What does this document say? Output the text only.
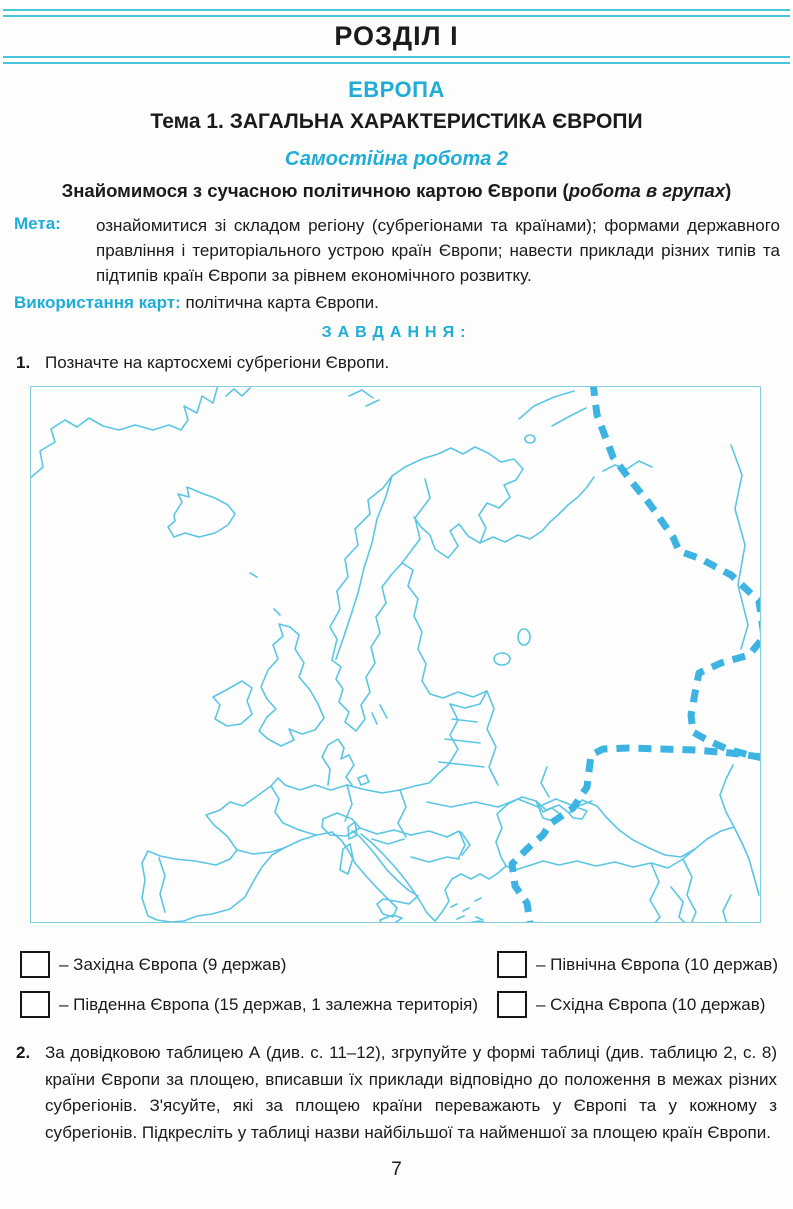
РОЗДІЛ І
ЕВРОПА
Тема 1. ЗАГАЛЬНА ХАРАКТЕРИСТИКА ЄВРОПИ
Самостійна робота 2
Знайомимося з сучасною політичною картою Європи (робота в групах)
Мета:	ознайомитися зі складом регіону (субрегіонами та країнами); формами державного правління і територіального устрою країн Європи; навести приклади різних типів та підтипів країн Європи за рівнем економічного розвитку.
Використання карт: політична карта Європи.
ЗАВДАННЯ:
1. Позначте на картосхемі субрегіони Європи.
– Західна Європа (9 держав)	– Північна Європа (10 держав)
– Південна Європа (15 держав, 1 залежна територія)	– Східна Європа (10 держав)
2. За довідковою таблицею А (див. с. 11–12), згрупуйте у формі таблиці (див. таблицю 2, с. 8) країни Європи за площею, вписавши їх приклади відповідно до положення в межах різних субрегіонів. З'ясуйте, які за площею країни переважають у Європі та у кожному з субрегіонів. Підкресліть у таблиці назви найбільшої та найменшої за площею країн Європи.
7
